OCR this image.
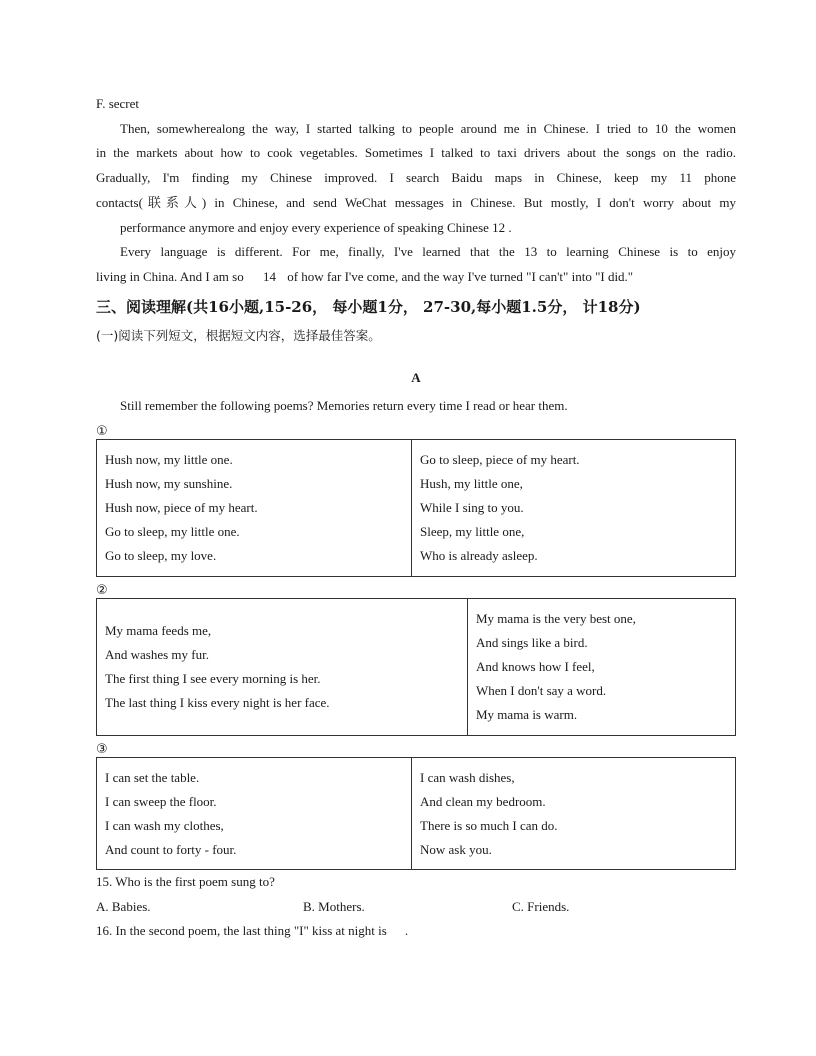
F. secret
Then, somewherealong the way, I started talking to people around me in Chinese. I tried to 10 the women
in the markets about how to cook vegetables. Sometimes I talked to taxi drivers about the songs on the radio.
Gradually, I'm finding my Chinese improved. I search Baidu maps in Chinese, keep my 11 phone
contacts(联系人) in Chinese, and send WeChat messages in Chinese. But mostly, I don't worry about my
performance anymore and enjoy every experience of speaking Chinese 12 .
Every language is different. For me, finally, I've learned that the 13 to learning Chinese is to enjoy
living in China. And I am so 14 of how far I've come, and the way I've turned "I can't" into "I did."
三、阅读理解(共16小题,15-26， 每小题1分， 27-30,每小题1.5分， 计18分)
(一)阅读下列短文，根据短文内容，选择最佳答案。
A
Still remember the following poems? Memories return every time I read or hear them.
①
Hush now, my little one.
Hush now, my sunshine.
Hush now, piece of my heart.
Go to sleep, my little one.
Go to sleep, my love.

Go to sleep, piece of my heart.
Hush, my little one,
While I sing to you.
Sleep, my little one,
Who is already asleep.
②
My mama feeds me,
And washes my fur.
The first thing I see every morning is her.
The last thing I kiss every night is her face.

My mama is the very best one,
And sings like a bird.
And knows how I feel,
When I don't say a word.
My mama is warm.
③
I can set the table.
I can sweep the floor.
I can wash my clothes,
And count to forty - four.

I can wash dishes,
And clean my bedroom.
There is so much I can do.
Now ask you.
15. Who is the first poem sung to?
A. Babies.	B. Mothers.	C. Friends.
16. In the second poem, the last thing "I" kiss at night is .
